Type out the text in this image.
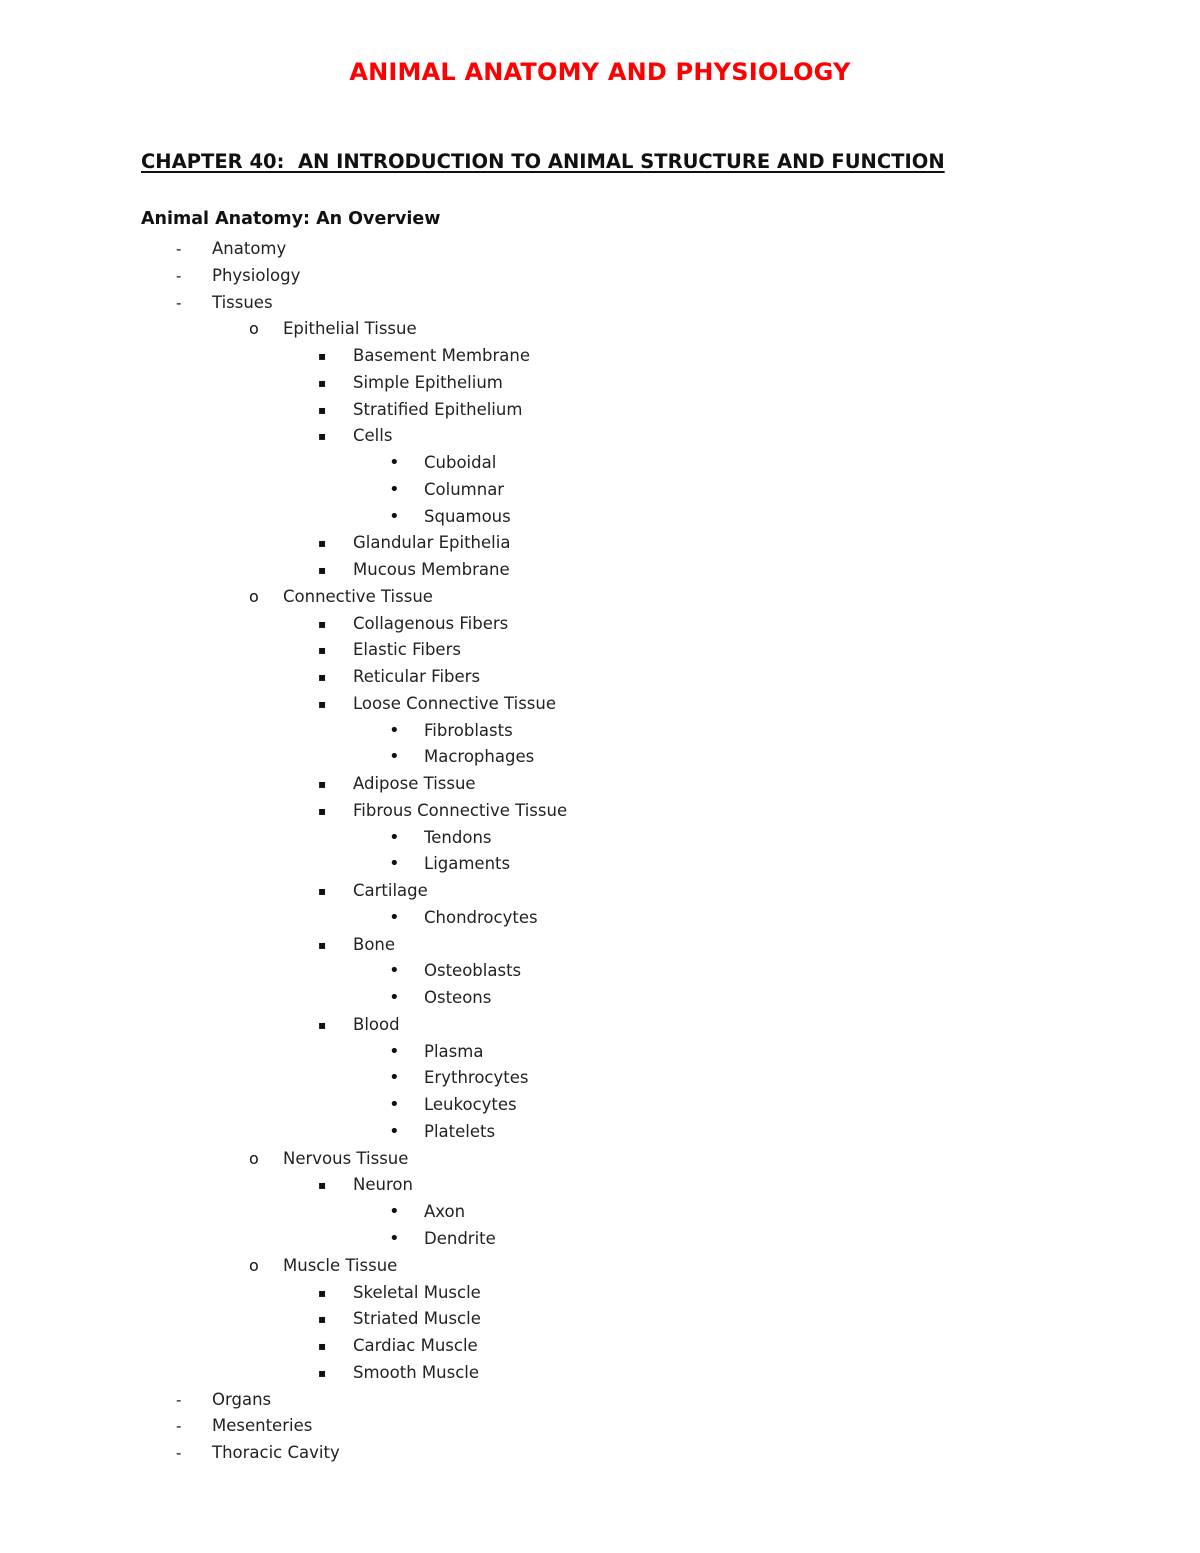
ANIMAL ANATOMY AND PHYSIOLOGY
CHAPTER 40:  AN INTRODUCTION TO ANIMAL STRUCTURE AND FUNCTION
Animal Anatomy: An Overview
- Anatomy
- Physiology
- Tissues
o Epithelial Tissue
▪ Basement Membrane
▪ Simple Epithelium
▪ Stratified Epithelium
▪ Cells
• Cuboidal
• Columnar
• Squamous
▪ Glandular Epithelia
▪ Mucous Membrane
o Connective Tissue
▪ Collagenous Fibers
▪ Elastic Fibers
▪ Reticular Fibers
▪ Loose Connective Tissue
• Fibroblasts
• Macrophages
▪ Adipose Tissue
▪ Fibrous Connective Tissue
• Tendons
• Ligaments
▪ Cartilage
• Chondrocytes
▪ Bone
• Osteoblasts
• Osteons
▪ Blood
• Plasma
• Erythrocytes
• Leukocytes
• Platelets
o Nervous Tissue
▪ Neuron
• Axon
• Dendrite
o Muscle Tissue
▪ Skeletal Muscle
▪ Striated Muscle
▪ Cardiac Muscle
▪ Smooth Muscle
- Organs
- Mesenteries
- Thoracic Cavity
